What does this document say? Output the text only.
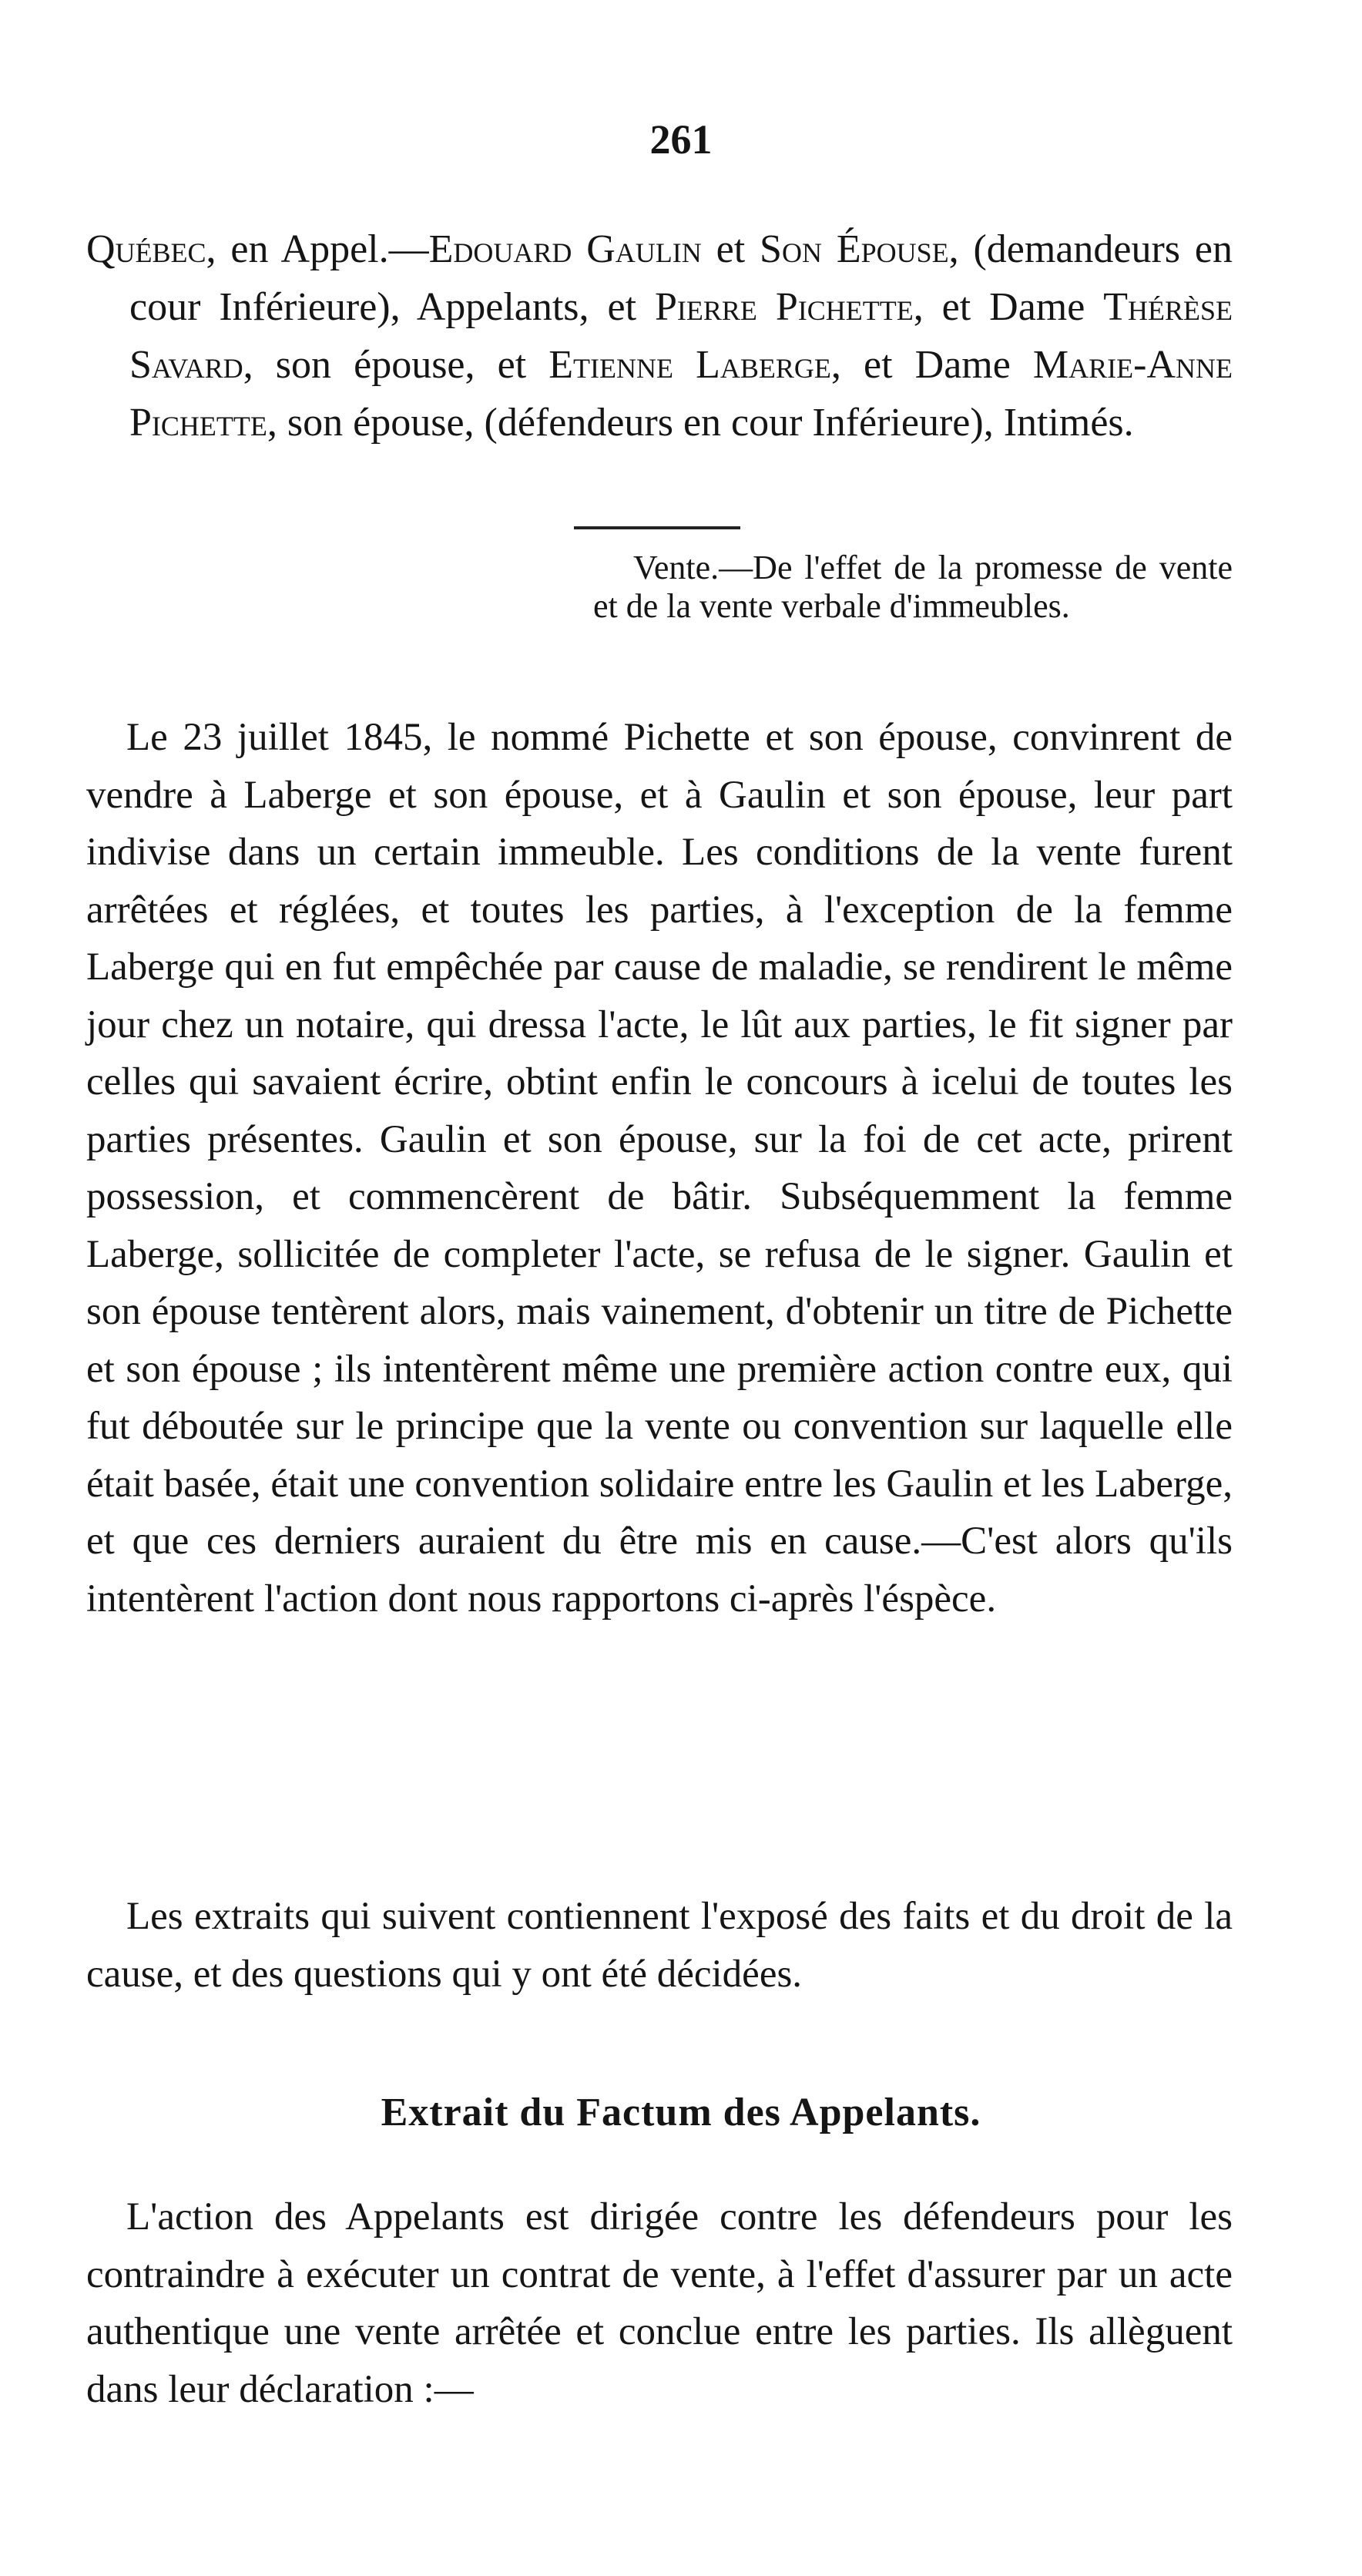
261
Québec, en Appel.—Edouard Gaulin et Son Épouse, (demandeurs en cour Inférieure), Appelants, et Pierre Pichette, et Dame Thérèse Savard, son épouse, et Etienne Laberge, et Dame Marie-Anne Pichette, son épouse, (défendeurs en cour Inférieure), Intimés.
Vente.—De l'effet de la promesse de vente et de la vente verbale d'immeubles.

Le 23 juillet 1845, le nommé Pichette et son épouse, convinrent de vendre à Laberge et son épouse, et à Gaulin et son épouse, leur part indivise dans un certain immeuble. Les conditions de la vente furent arrêtées et réglées, et toutes les parties, à l'exception de la femme Laberge qui en fut empêchée par cause de maladie, se rendirent le même jour chez un notaire, qui dressa l'acte, le lût aux parties, le fit signer par celles qui savaient écrire, obtint enfin le concours à icelui de toutes les parties présentes. Gaulin et son épouse, sur la foi de cet acte, prirent possession, et commencèrent de bâtir. Subséquemment la femme Laberge, sollicitée de completer l'acte, se refusa de le signer. Gaulin et son épouse tentèrent alors, mais vainement, d'obtenir un titre de Pichette et son épouse ; ils intentèrent même une première action contre eux, qui fut déboutée sur le principe que la vente ou convention sur laquelle elle était basée, était une convention solidaire entre les Gaulin et les Laberge, et que ces derniers auraient du être mis en cause.—C'est alors qu'ils intentèrent l'action dont nous rapportons ci-après l'éspèce.

Les extraits qui suivent contiennent l'exposé des faits et du droit de la cause, et des questions qui y ont été décidées.

Extrait du Factum des Appelants.

L'action des Appelants est dirigée contre les défendeurs pour les contraindre à exécuter un contrat de vente, à l'effet d'assurer par un acte authentique une vente arrêtée et conclue entre les parties. Ils allèguent dans leur déclaration :—
